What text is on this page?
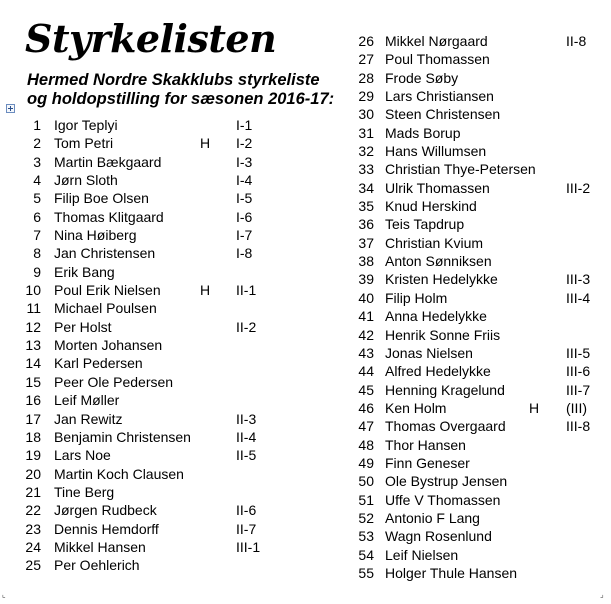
Styrkelisten
Hermed Nordre Skakklubs styrkeliste
og holdopstilling for sæsonen 2016-17:
1 Igor Teplyi	I-1
2 Tom Petri	H I-2
3 Martin Bækgaard	I-3
4 Jørn Sloth	I-4
5 Filip Boe Olsen	I-5
6 Thomas Klitgaard	I-6
7 Nina Høiberg	I-7
8 Jan Christensen	I-8
9 Erik Bang
10 Poul Erik Nielsen	H II-1
11 Michael Poulsen
12 Per Holst	II-2
13 Morten Johansen
14 Karl Pedersen
15 Peer Ole Pedersen
16 Leif Møller
17 Jan Rewitz	II-3
18 Benjamin Christensen	II-4
19 Lars Noe	II-5
20 Martin Koch Clausen
21 Tine Berg
22 Jørgen Rudbeck	II-6
23 Dennis Hemdorff	II-7
24 Mikkel Hansen	III-1
25 Per Oehlerich
26 Mikkel Nørgaard	II-8
27 Poul Thomassen
28 Frode Søby
29 Lars Christiansen
30 Steen Christensen
31 Mads Borup
32 Hans Willumsen
33 Christian Thye-Petersen
34 Ulrik Thomassen	III-2
35 Knud Herskind
36 Teis Tapdrup
37 Christian Kvium
38 Anton Sønniksen
39 Kristen Hedelykke	III-3
40 Filip Holm	III-4
41 Anna Hedelykke
42 Henrik Sonne Friis
43 Jonas Nielsen	III-5
44 Alfred Hedelykke	III-6
45 Henning Kragelund	III-7
46 Ken Holm	H (III)
47 Thomas Overgaard	III-8
48 Thor Hansen
49 Finn Geneser
50 Ole Bystrup Jensen
51 Uffe V Thomassen
52 Antonio F Lang
53 Wagn Rosenlund
54 Leif Nielsen
55 Holger Thule Hansen
⌞	⌟
